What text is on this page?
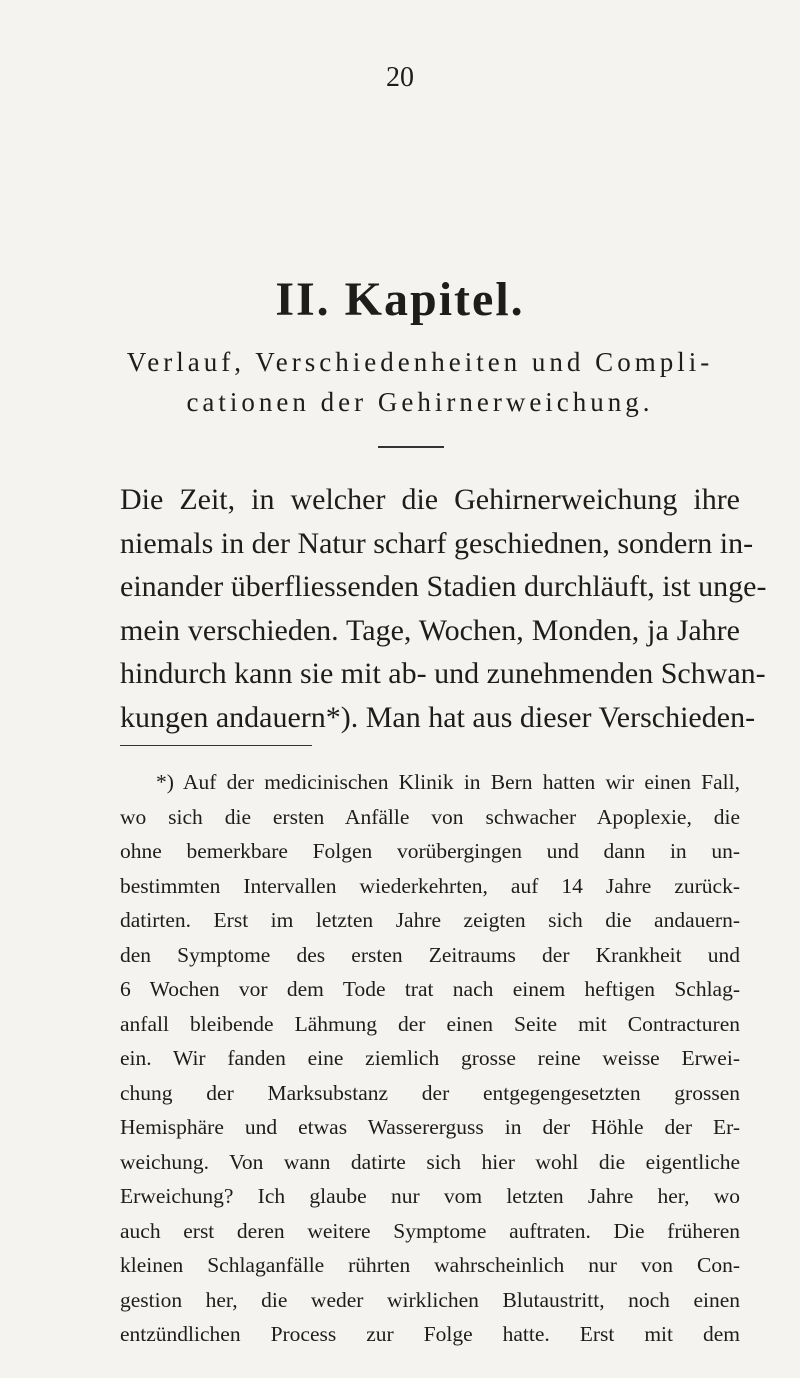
20
II. Kapitel.
Verlauf, Verschiedenheiten und Compli-
cationen der Gehirnerweichung.
Die Zeit, in welcher die Gehirnerweichung ihre
niemals in der Natur scharf geschiednen, sondern in-
einander überfliessenden Stadien durchläuft, ist unge-
mein verschieden. Tage, Wochen, Monden, ja Jahre
hindurch kann sie mit ab- und zunehmenden Schwan-
kungen andauern*). Man hat aus dieser Verschieden-
*) Auf der medicinischen Klinik in Bern hatten wir einen Fall,
wo sich die ersten Anfälle von schwacher Apoplexie, die
ohne bemerkbare Folgen vorübergingen und dann in un-
bestimmten Intervallen wiederkehrten, auf 14 Jahre zurück-
datirten. Erst im letzten Jahre zeigten sich die andauern-
den Symptome des ersten Zeitraums der Krankheit und
6 Wochen vor dem Tode trat nach einem heftigen Schlag-
anfall bleibende Lähmung der einen Seite mit Contracturen
ein. Wir fanden eine ziemlich grosse reine weisse Erwei-
chung der Marksubstanz der entgegengesetzten grossen
Hemisphäre und etwas Wassererguss in der Höhle der Er-
weichung. Von wann datirte sich hier wohl die eigentliche
Erweichung? Ich glaube nur vom letzten Jahre her, wo
auch erst deren weitere Symptome auftraten. Die früheren
kleinen Schlaganfälle rührten wahrscheinlich nur von Con-
gestion her, die weder wirklichen Blutaustritt, noch einen
entzündlichen Process zur Folge hatte. Erst mit dem
